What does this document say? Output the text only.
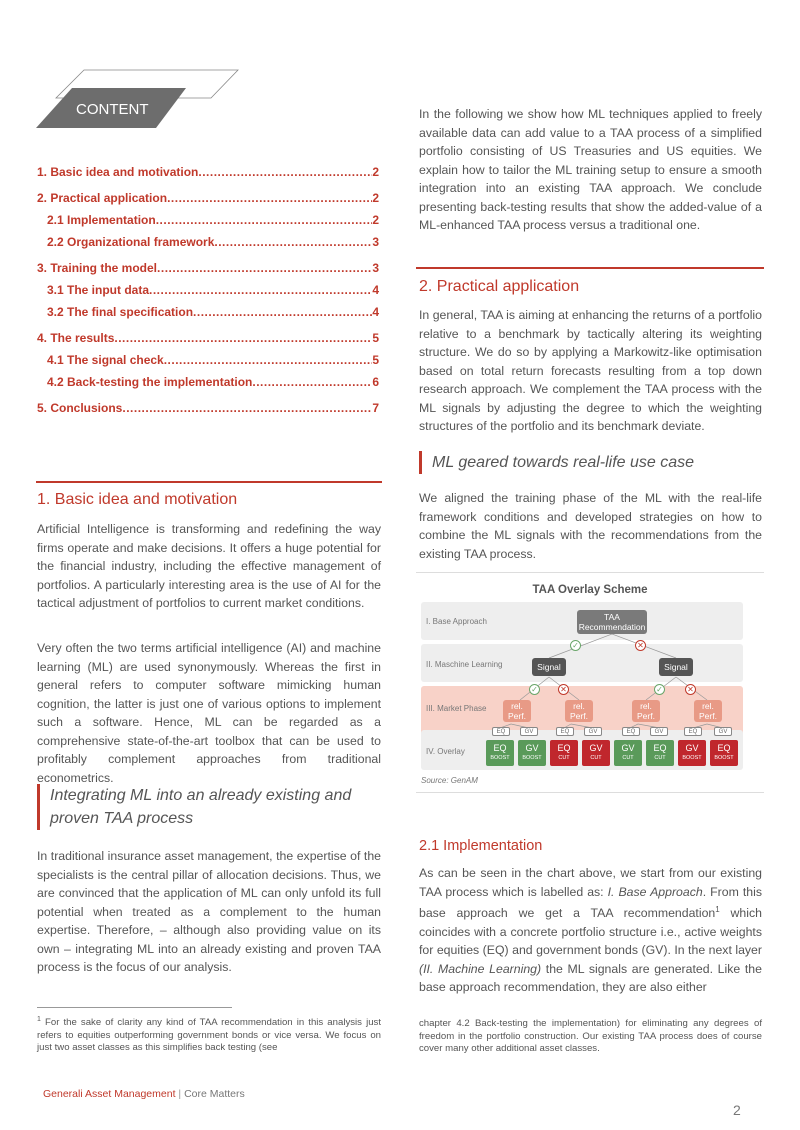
CONTENT
1. Basic idea and motivation .....	2
2. Practical application .....	2
2.1 Implementation .....	2
2.2 Organizational framework .....	3
3. Training the model .....	3
3.1 The input data .....	4
3.2 The final specification .....	4
4. The results .....	5
4.1 The signal check .....	5
4.2 Back-testing the implementation .....	6
5. Conclusions .....	7
1. Basic idea and motivation
Artificial Intelligence is transforming and redefining the way firms operate and make decisions. It offers a huge potential for the financial industry, including the effective management of portfolios. A particularly interesting area is the use of AI for the tactical adjustment of portfolios to current market conditions.
Very often the two terms artificial intelligence (AI) and machine learning (ML) are used synonymously. Whereas the first in general refers to computer software mimicking human cognition, the latter is just one of various options to implement such a software. Hence, ML can be regarded as a comprehensive state-of-the-art toolbox that can be used to profitably complement approaches from traditional econometrics.
Integrating ML into an already existing and proven TAA process
In traditional insurance asset management, the expertise of the specialists is the central pillar of allocation decisions. Thus, we are convinced that the application of ML can only unfold its full potential when treated as a complement to the human expertise. Therefore, – although also providing value on its own – integrating ML into an already existing and proven TAA process is the focus of our analysis.
In the following we show how ML techniques applied to freely available data can add value to a TAA process of a simplified portfolio consisting of US Treasuries and US equities. We explain how to tailor the ML training setup to ensure a smooth integration into an existing TAA approach. We conclude presenting back-testing results that show the added-value of a ML-enhanced TAA process versus a traditional one.
2. Practical application
In general, TAA is aiming at enhancing the returns of a portfolio relative to a benchmark by tactically altering its weighting structure. We do so by applying a Markowitz-like optimisation based on total return forecasts resulting from a top down research approach. We complement the TAA process with the ML signals by adjusting the degree to which the weighting structures of the portfolio and its benchmark deviate.
ML geared towards real-life use case
We aligned the training phase of the ML with the real-life framework conditions and developed strategies on how to combine the ML signals with the recommendations from the existing TAA process.
TAA Overlay Scheme
I. Base Approach
II. Maschine Learning
III. Market Phase
IV. Overlay
TAA
Recommendation
Signal	Signal
rel.
Perf.
rel.
Perf.
rel.
Perf.
rel.
Perf.
✓	✕
✓	✕	✓	✕
EQ	GV	EQ	GV	EQ	GV	EQ	GV
EQ
BOOST
GV
BOOST
EQ
CUT
GV
CUT
GV
CUT
EQ
CUT
GV
BOOST
EQ
BOOST
Source: GenAM
2.1 Implementation
As can be seen in the chart above, we start from our existing TAA process which is labelled as: I. Base Approach. From this base approach we get a TAA recommendation$^1$ which coincides with a concrete portfolio structure i.e., active weights for equities (EQ) and government bonds (GV). In the next layer (II. Machine Learning) the ML signals are generated. Like the base approach recommendation, they are also either
$^1$ For the sake of clarity any kind of TAA recommendation in this analysis just refers to equities outperforming government bonds or vice versa. We focus on just two asset classes as this simplifies back testing (see
chapter 4.2 Back-testing the implementation) for eliminating any degrees of freedom in the portfolio construction. Our existing TAA process does of course cover many other additional asset classes.
Generali Asset Management | Core Matters
2
